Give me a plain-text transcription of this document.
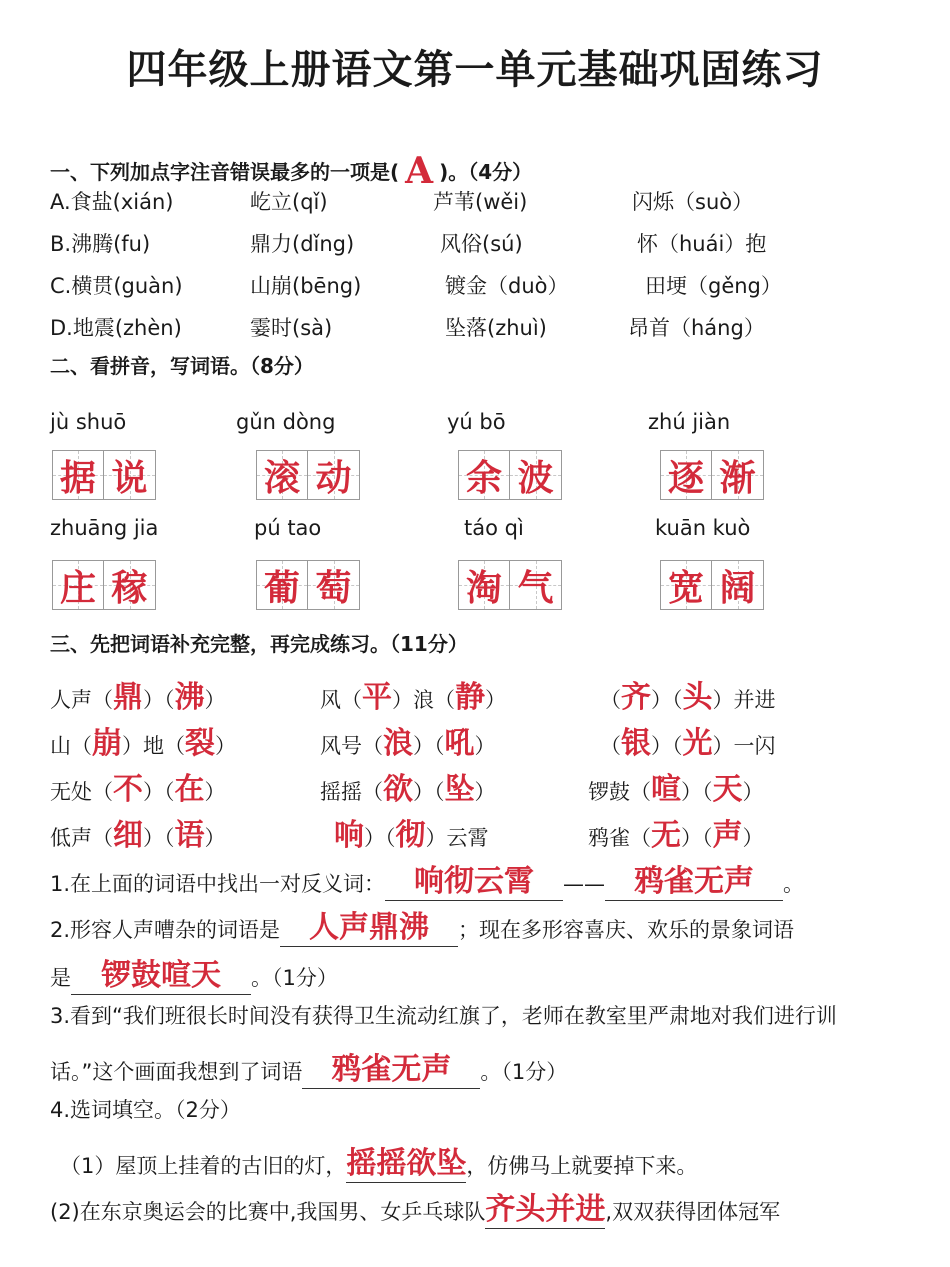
四年级上册语文第一单元基础巩固练习
一、下列加点字注音错误最多的一项是( A )。（4分）
A.食盐(xián)	屹立(qǐ)	芦苇(wěi)	闪烁（suò）
B.沸腾(fu)	鼎力(dǐng)	风俗(sú)	怀（huái）抱
C.横贯(guàn)	山崩(bēng)	镀金（duò）	田埂（gěng）
D.地震(zhèn)	霎时(sà)	坠落(zhuì)	昂首（háng）
二、看拼音，写词语。（8分）
jù shuō	gǔn dòng	yú bō	zhú jiàn
据 说	滚 动	余 波	逐 渐
zhuāng jia	pú tao	táo qì	kuān kuò
庄 稼	葡 萄	淘 气	宽 阔
三、先把词语补充完整，再完成练习。（11分）
人声（鼎）（沸）	风（平）浪（静）	（齐）（头）并进
山（崩）地（裂）	风号（浪）（吼）	（银）（光）一闪
无处（不）（在）	摇摇（欲）（坠）	锣鼓（喧）（天）
低声（细）（语）	响）（彻）云霄	鸦雀（无）（声）
1.在上面的词语中找出一对反义词： 响彻云霄 —— 鸦雀无声 。
2.形容人声嘈杂的词语是 人声鼎沸 ；现在多形容喜庆、欢乐的景象词语
是 锣鼓喧天 。（1分）
3.看到“我们班很长时间没有获得卫生流动红旗了，老师在教室里严肃地对我们进行训
话。”这个画面我想到了词语 鸦雀无声 。（1分）
4.选词填空。（2分）
（1）屋顶上挂着的古旧的灯，摇摇欲坠，仿佛马上就要掉下来。
(2)在东京奥运会的比赛中,我国男、女乒乓球队齐头并进,双双获得团体冠军
